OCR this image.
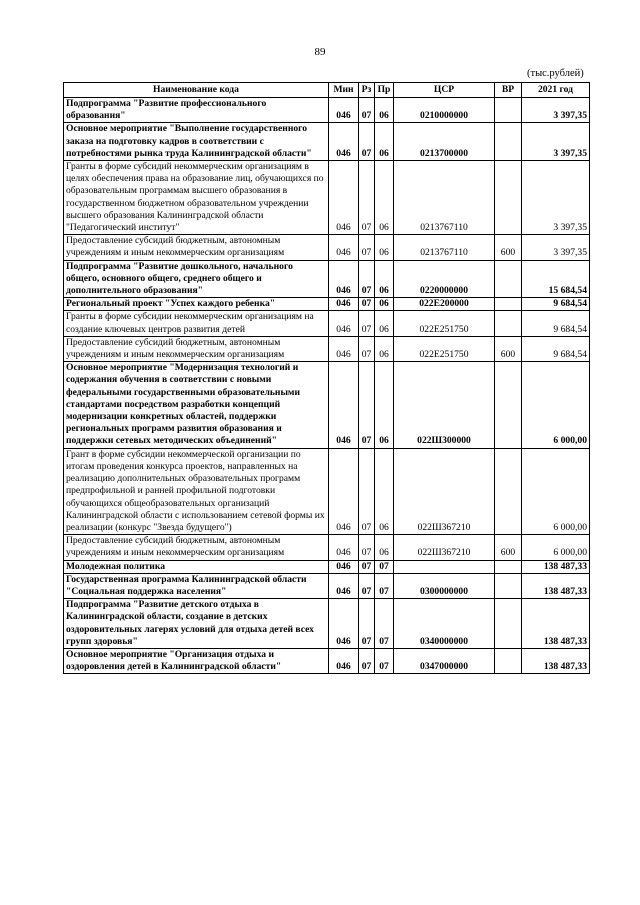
89
(тыс.рублей)
Наименование кода	Мин	Рз	Пр	ЦСР	ВР	2021 год
Подпрограмма "Развитие профессионального образования"	046	07	06	0210000000		3 397,35
Основное мероприятие "Выполнение государственного заказа на подготовку кадров в соответствии с потребностями рынка труда Калининградской области"	046	07	06	0213700000		3 397,35
Гранты в форме субсидий некоммерческим организациям в целях обеспечения права на образование лиц, обучающихся по образовательным программам высшего образования в государственном бюджетном образовательном учреждении высшего образования Калининградской области "Педагогический институт"	046	07	06	0213767110		3 397,35
Предоставление субсидий бюджетным, автономным учреждениям и иным некоммерческим организациям	046	07	06	0213767110	600	3 397,35
Подпрограмма "Развитие дошкольного, начального общего, основного общего, среднего общего и дополнительного образования"	046	07	06	0220000000		15 684,54
Региональный проект "Успех каждого ребенка"	046	07	06	022E200000		9 684,54
Гранты в форме субсидии некоммерческим организациям на создание ключевых центров развития детей	046	07	06	022E251750		9 684,54
Предоставление субсидий бюджетным, автономным учреждениям и иным некоммерческим организациям	046	07	06	022E251750	600	9 684,54
Основное мероприятие "Модернизация технологий и содержания обучения в соответствии с новыми федеральными государственными образовательными стандартами посредством разработки концепций модернизации конкретных областей, поддержки региональных программ развития образования и поддержки сетевых методических объединений"	046	07	06	022Ш300000		6 000,00
Грант в форме субсидии некоммерческой организации по итогам проведения конкурса проектов, направленных на реализацию дополнительных образовательных программ предпрофильной и ранней профильной подготовки обучающихся общеобразовательных организаций Калининградской области с использованием сетевой формы их реализации (конкурс "Звезда будущего")	046	07	06	022Ш367210		6 000,00
Предоставление субсидий бюджетным, автономным учреждениям и иным некоммерческим организациям	046	07	06	022Ш367210	600	6 000,00
Молодежная политика	046	07	07			138 487,33
Государственная программа Калининградской области "Социальная поддержка населения"	046	07	07	0300000000		138 487,33
Подпрограмма "Развитие детского отдыха в Калининградской области, создание в детских оздоровительных лагерях условий для отдыха детей всех групп здоровья"	046	07	07	0340000000		138 487,33
Основное мероприятие "Организация отдыха и оздоровления детей в Калининградской области"	046	07	07	0347000000		138 487,33
